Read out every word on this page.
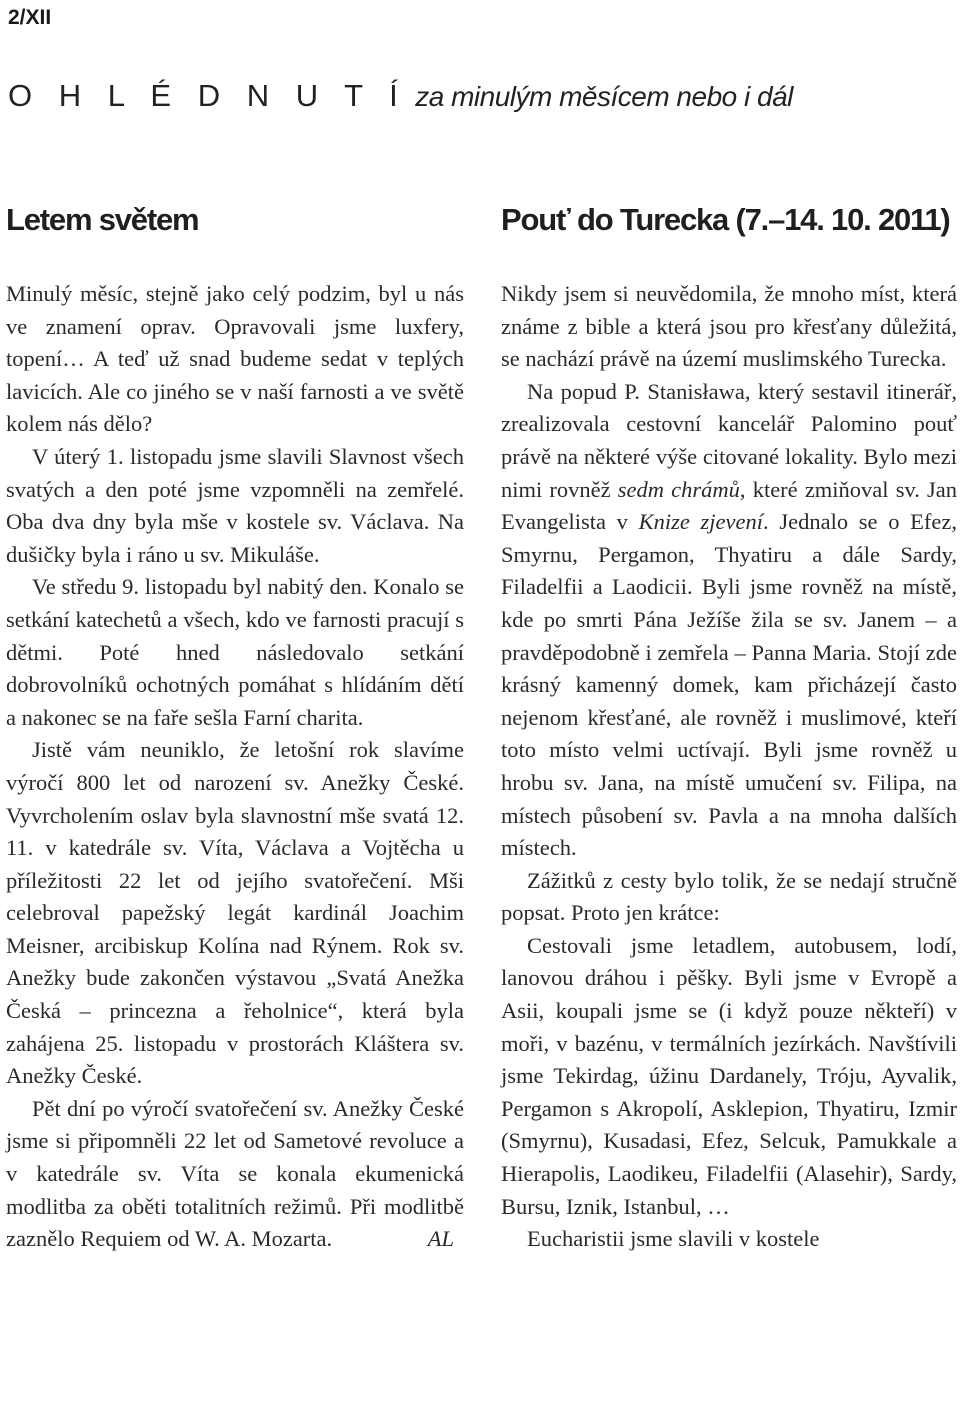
2/XII
O H L É D N U T Í za minulým měsícem nebo i dál
Letem světem	Pouť do Turecka (7.–14. 10. 2011)

Minulý měsíc, stejně jako celý podzim, byl u nás ve znamení oprav. Opravovali jsme luxfery, topení… A teď už snad budeme sedat v teplých lavicích. Ale co jiného se v naší farnosti a ve světě kolem nás dělo?

V úterý 1. listopadu jsme slavili Slavnost všech svatých a den poté jsme vzpomněli na zemřelé. Oba dva dny byla mše v kostele sv. Václava. Na dušičky byla i ráno u sv. Mikuláše.

Ve středu 9. listopadu byl nabitý den. Konalo se setkání katechetů a všech, kdo ve farnosti pracují s dětmi. Poté hned následovalo setkání dobrovolníků ochotných pomáhat s hlídáním dětí a nakonec se na faře sešla Farní charita.

Jistě vám neuniklo, že letošní rok slavíme výročí 800 let od narození sv. Anežky České. Vyvrcholením oslav byla slavnostní mše svatá 12. 11. v katedrále sv. Víta, Václava a Vojtěcha u příležitosti 22 let od jejího svatořečení. Mši celebroval papežský legát kardinál Joachim Meisner, arcibiskup Kolína nad Rýnem. Rok sv. Anežky bude zakončen výstavou „Svatá Anežka Česká – princezna a řeholnice“, která byla zahájena 25. listopadu v prostorách Kláštera sv. Anežky České.

Pět dní po výročí svatořečení sv. Anežky České jsme si připomněli 22 let od Sametové revoluce a v katedrále sv. Víta se konala ekumenická modlitba za oběti totalitních režimů. Při modlitbě zaznělo Requiem od W. A. Mozarta.	AL

Nikdy jsem si neuvědomila, že mnoho míst, která známe z bible a která jsou pro křesťany důležitá, se nachází právě na území muslimského Turecka.

Na popud P. Stanisława, který sestavil itinerář, zrealizovala cestovní kancelář Palomino pouť právě na některé výše citované lokality. Bylo mezi nimi rovněž sedm chrámů, které zmiňoval sv. Jan Evangelista v Knize zjevení. Jednalo se o Efez, Smyrnu, Pergamon, Thyatiru a dále Sardy, Filadelfii a Laodicii. Byli jsme rovněž na místě, kde po smrti Pána Ježíše žila se sv. Janem – a pravděpodobně i zemřela – Panna Maria. Stojí zde krásný kamenný domek, kam přicházejí často nejenom křesťané, ale rovněž i muslimové, kteří toto místo velmi uctívají. Byli jsme rovněž u hrobu sv. Jana, na místě umučení sv. Filipa, na místech působení sv. Pavla a na mnoha dalších místech.

Zážitků z cesty bylo tolik, že se nedají stručně popsat. Proto jen krátce:

Cestovali jsme letadlem, autobusem, lodí, lanovou dráhou i pěšky. Byli jsme v Evropě a Asii, koupali jsme se (i když pouze někteří) v moři, v bazénu, v termálních jezírkách. Navštívili jsme Tekirdag, úžinu Dardanely, Tróju, Ayvalik, Pergamon s Akropolí, Asklepion, Thyatiru, Izmir (Smyrnu), Kusadasi, Efez, Selcuk, Pamukkale a Hierapolis, Laodikeu, Filadelfii (Alasehir), Sardy, Bursu, Iznik, Istanbul, …

Eucharistii jsme slavili v kostele
